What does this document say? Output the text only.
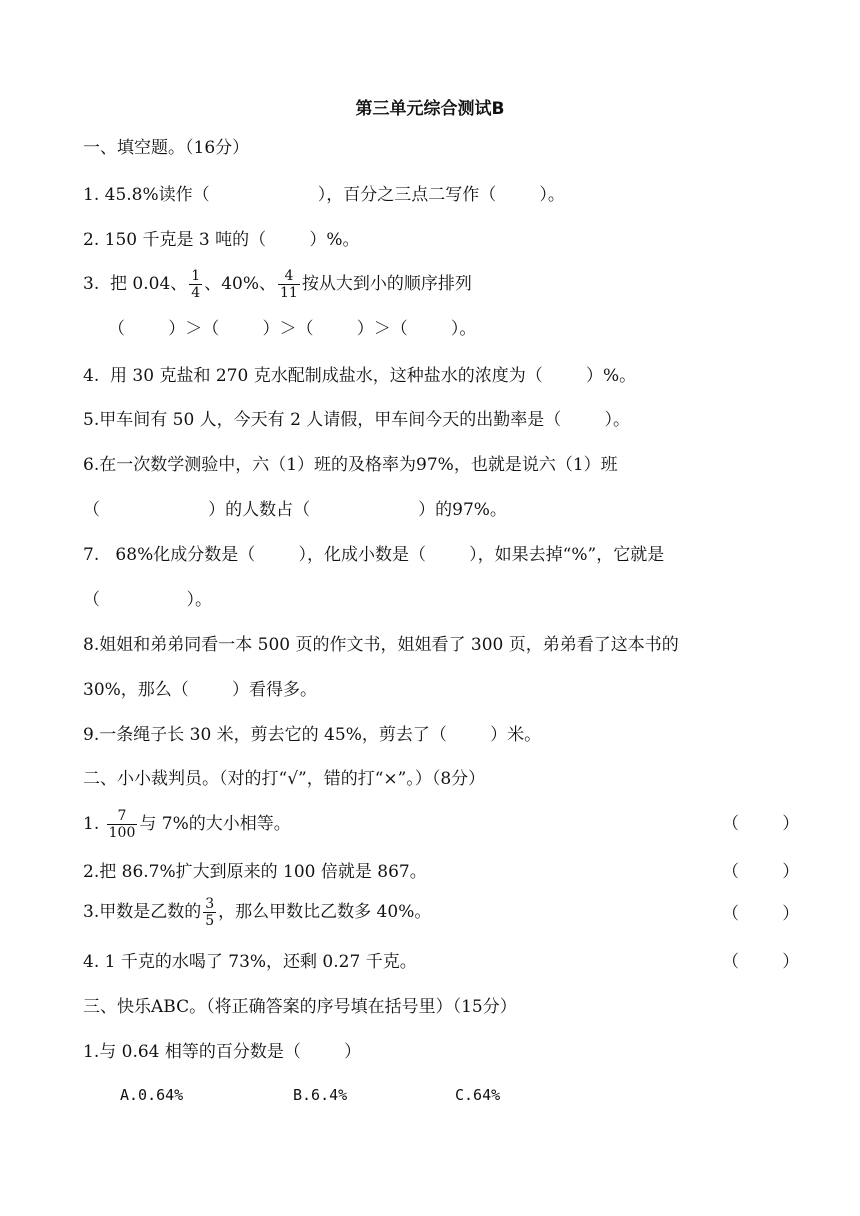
第三单元综合测试B
一、填空题。（16分）
1. 45.8%读作（                    ），百分之三点二写作（        ）。
2. 150 千克是 3 吨的（        ）%。
3.  把 0.04、 $\frac{1}{4}$ 、40%、 $\frac{4}{11}$ 按从大到小的顺序排列
（        ）＞（        ）＞（        ）＞（        ）。
4.  用 30 克盐和 270 克水配制成盐水，这种盐水的浓度为（        ）%。
5.甲车间有 50 人，今天有 2 人请假，甲车间今天的出勤率是（        ）。
6.在一次数学测验中，六（1）班的及格率为97%，也就是说六（1）班
（                    ）的人数占（                    ）的97%。
7.   68%化成分数是（        ），化成小数是（        ），如果去掉“%”，它就是
（                ）。
8.姐姐和弟弟同看一本 500 页的作文书，姐姐看了 300 页，弟弟看了这本书的
30%，那么（        ）看得多。
9.一条绳子长 30 米，剪去它的 45%，剪去了（        ）米。
二、小小裁判员。（对的打“√”，错的打“×”。）（8分）
1. $\frac{7}{100}$ 与 7%的大小相等。	（        ）
2.把 86.7%扩大到原来的 100 倍就是 867。	（        ）
3.甲数是乙数的 $\frac{3}{5}$ ，那么甲数比乙数多 40%。	（        ）
4. 1 千克的水喝了 73%，还剩 0.27 千克。	（        ）
三、快乐ABC。（将正确答案的序号填在括号里）（15分）
1.与 0.64 相等的百分数是（        ）
A.0.64%	B.6.4%	C.64%
